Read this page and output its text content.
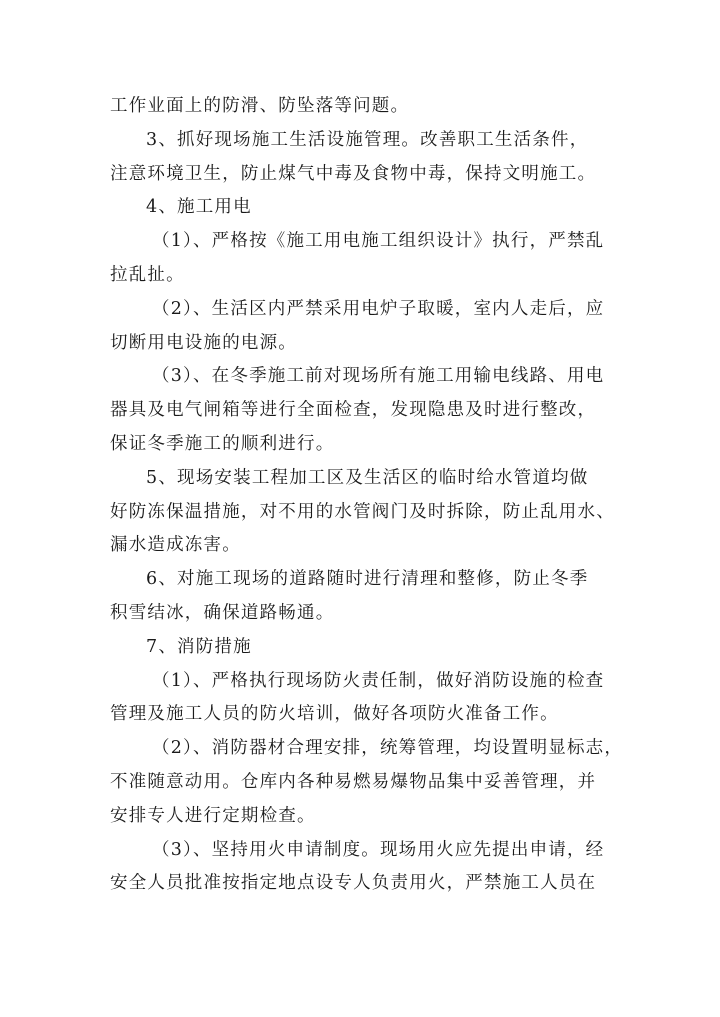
工作业面上的防滑、防坠落等问题。
3、抓好现场施工生活设施管理。改善职工生活条件，
注意环境卫生，防止煤气中毒及食物中毒，保持文明施工。
4、施工用电
（1）、严格按《施工用电施工组织设计》执行，严禁乱
拉乱扯。
（2）、生活区内严禁采用电炉子取暖，室内人走后，应
切断用电设施的电源。
（3）、在冬季施工前对现场所有施工用输电线路、用电
器具及电气闸箱等进行全面检查，发现隐患及时进行整改，
保证冬季施工的顺利进行。
5、现场安装工程加工区及生活区的临时给水管道均做
好防冻保温措施，对不用的水管阀门及时拆除，防止乱用水、
漏水造成冻害。
6、对施工现场的道路随时进行清理和整修，防止冬季
积雪结冰，确保道路畅通。
7、消防措施
（1）、严格执行现场防火责任制，做好消防设施的检查
管理及施工人员的防火培训，做好各项防火准备工作。
（2）、消防器材合理安排，统筹管理，均设置明显标志，
不准随意动用。仓库内各种易燃易爆物品集中妥善管理，并
安排专人进行定期检查。
（3）、坚持用火申请制度。现场用火应先提出申请，经
安全人员批准按指定地点设专人负责用火，严禁施工人员在
